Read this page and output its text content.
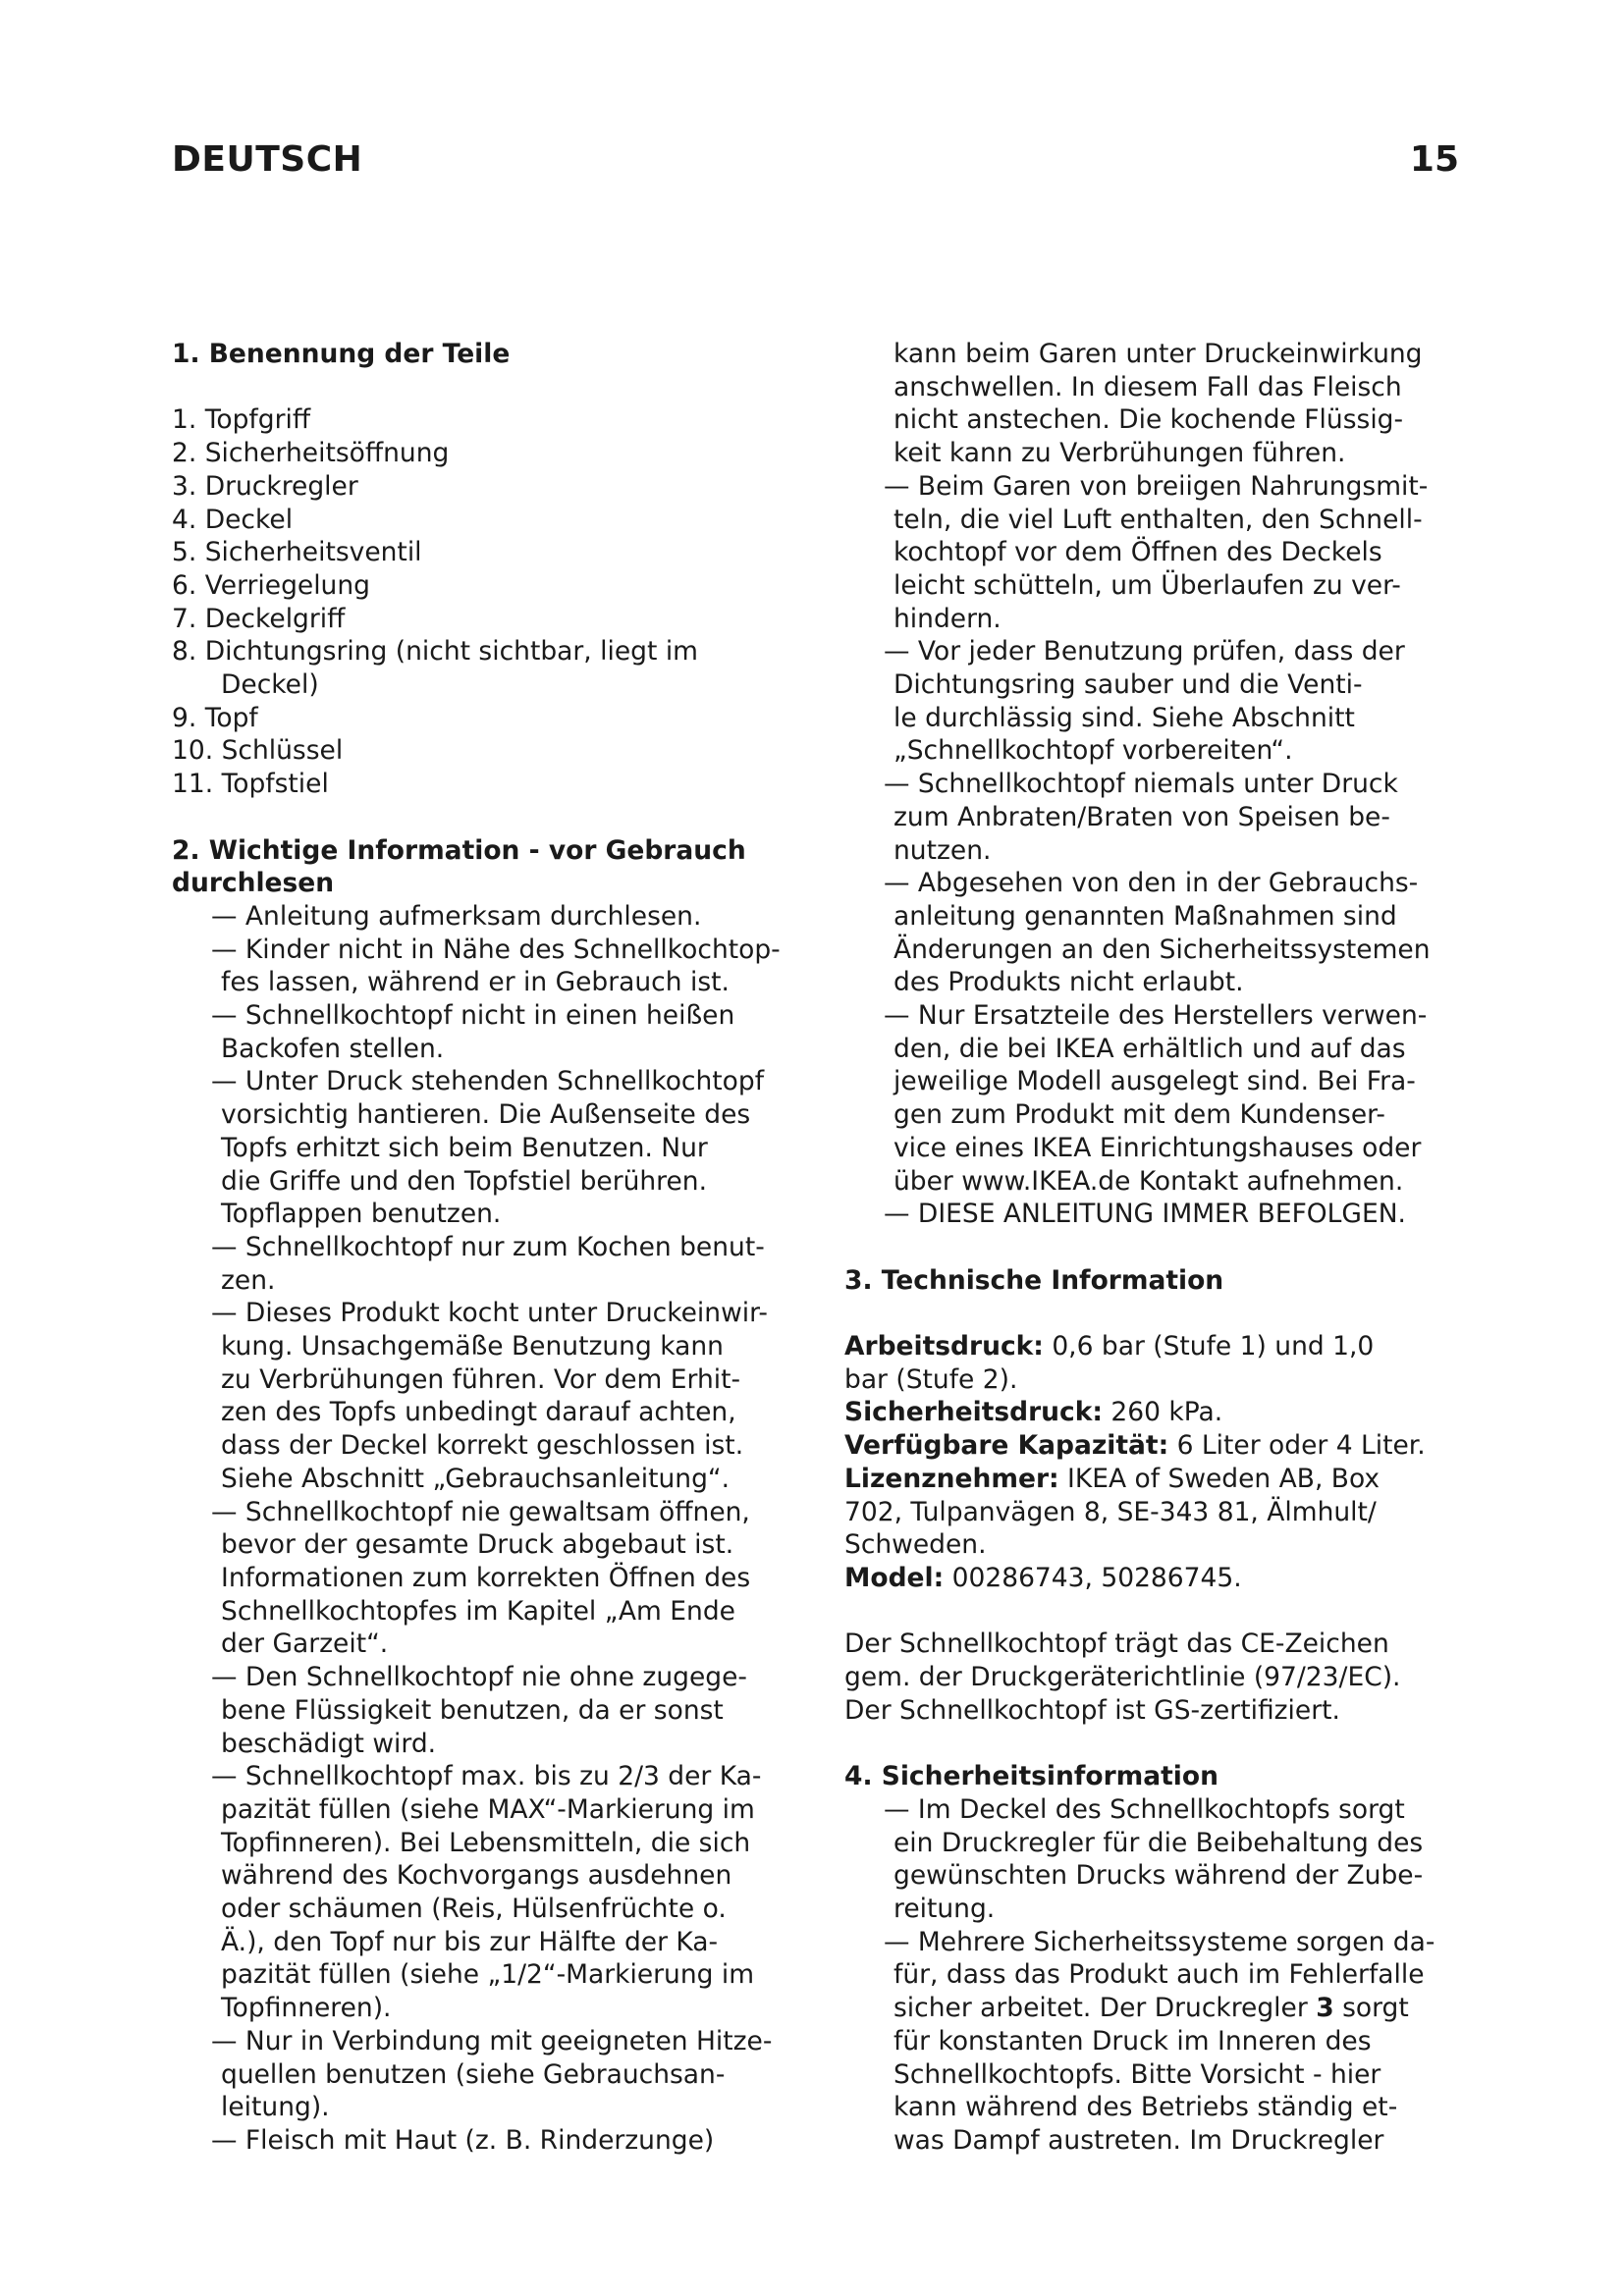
DEUTSCH	15
1. Benennung der Teile
1. Topfgriff
2. Sicherheitsöffnung
3. Druckregler
4. Deckel
5. Sicherheitsventil
6. Verriegelung
7. Deckelgriff
8. Dichtungsring (nicht sichtbar, liegt im
Deckel)
9. Topf
10. Schlüssel
11. Topfstiel
2. Wichtige Information - vor Gebrauch
durchlesen
— Anleitung aufmerksam durchlesen.
— Kinder nicht in Nähe des Schnellkochtop-
fes lassen, während er in Gebrauch ist.
— Schnellkochtopf nicht in einen heißen
Backofen stellen.
— Unter Druck stehenden Schnellkochtopf
vorsichtig hantieren. Die Außenseite des
Topfs erhitzt sich beim Benutzen. Nur
die Griffe und den Topfstiel berühren.
Topflappen benutzen.
— Schnellkochtopf nur zum Kochen benut-
zen.
— Dieses Produkt kocht unter Druckeinwir-
kung. Unsachgemäße Benutzung kann
zu Verbrühungen führen. Vor dem Erhit-
zen des Topfs unbedingt darauf achten,
dass der Deckel korrekt geschlossen ist.
Siehe Abschnitt „Gebrauchsanleitung“.
— Schnellkochtopf nie gewaltsam öffnen,
bevor der gesamte Druck abgebaut ist.
Informationen zum korrekten Öffnen des
Schnellkochtopfes im Kapitel „Am Ende
der Garzeit“.
— Den Schnellkochtopf nie ohne zugege-
bene Flüssigkeit benutzen, da er sonst
beschädigt wird.
— Schnellkochtopf max. bis zu 2/3 der Ka-
pazität füllen (siehe MAX“-Markierung im
Topfinneren). Bei Lebensmitteln, die sich
während des Kochvorgangs ausdehnen
oder schäumen (Reis, Hülsenfrüchte o.
Ä.), den Topf nur bis zur Hälfte der Ka-
pazität füllen (siehe „1/2“-Markierung im
Topfinneren).
— Nur in Verbindung mit geeigneten Hitze-
quellen benutzen (siehe Gebrauchsan-
leitung).
— Fleisch mit Haut (z. B. Rinderzunge)
kann beim Garen unter Druckeinwirkung
anschwellen. In diesem Fall das Fleisch
nicht anstechen. Die kochende Flüssig-
keit kann zu Verbrühungen führen.
— Beim Garen von breiigen Nahrungsmit-
teln, die viel Luft enthalten, den Schnell-
kochtopf vor dem Öffnen des Deckels
leicht schütteln, um Überlaufen zu ver-
hindern.
— Vor jeder Benutzung prüfen, dass der
Dichtungsring sauber und die Venti-
le durchlässig sind. Siehe Abschnitt
„Schnellkochtopf vorbereiten“.
— Schnellkochtopf niemals unter Druck
zum Anbraten/Braten von Speisen be-
nutzen.
— Abgesehen von den in der Gebrauchs-
anleitung genannten Maßnahmen sind
Änderungen an den Sicherheitssystemen
des Produkts nicht erlaubt.
— Nur Ersatzteile des Herstellers verwen-
den, die bei IKEA erhältlich und auf das
jeweilige Modell ausgelegt sind. Bei Fra-
gen zum Produkt mit dem Kundenser-
vice eines IKEA Einrichtungshauses oder
über www.IKEA.de Kontakt aufnehmen.
— DIESE ANLEITUNG IMMER BEFOLGEN.
3. Technische Information
Arbeitsdruck: 0,6 bar (Stufe 1) und 1,0
bar (Stufe 2).
Sicherheitsdruck: 260 kPa.
Verfügbare Kapazität: 6 Liter oder 4 Liter.
Lizenznehmer: IKEA of Sweden AB, Box
702, Tulpanvägen 8, SE-343 81, Älmhult/
Schweden.
Model: 00286743, 50286745.
Der Schnellkochtopf trägt das CE-Zeichen
gem. der Druckgeräterichtlinie (97/23/EC).
Der Schnellkochtopf ist GS-zertifiziert.
4. Sicherheitsinformation
— Im Deckel des Schnellkochtopfs sorgt
ein Druckregler für die Beibehaltung des
gewünschten Drucks während der Zube-
reitung.
— Mehrere Sicherheitssysteme sorgen da-
für, dass das Produkt auch im Fehlerfalle
sicher arbeitet. Der Druckregler 3 sorgt
für konstanten Druck im Inneren des
Schnellkochtopfs. Bitte Vorsicht - hier
kann während des Betriebs ständig et-
was Dampf austreten. Im Druckregler
